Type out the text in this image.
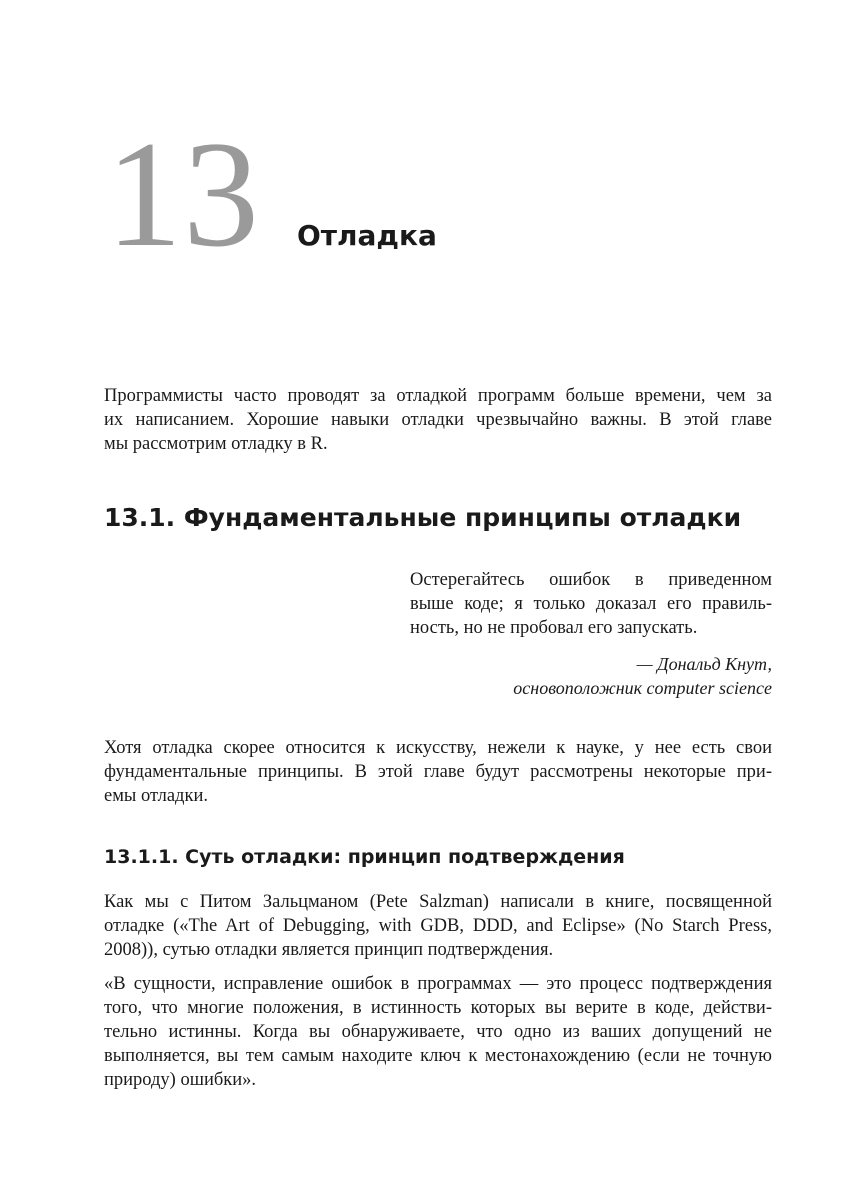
13 Отладка

Программисты часто проводят за отладкой программ больше времени, чем за
их написанием. Хорошие навыки отладки чрезвычайно важны. В этой главе
мы рассмотрим отладку в R.

13.1. Фундаментальные принципы отладки
Остерегайтесь ошибок в приведенном
выше коде; я только доказал его правиль-
ность, но не пробовал его запускать.
— Дональд Кнут,
основоположник computer science

Хотя отладка скорее относится к искусству, нежели к науке, у нее есть свои
фундаментальные принципы. В этой главе будут рассмотрены некоторые при-
емы отладки.

13.1.1. Суть отладки: принцип подтверждения

Как мы с Питом Зальцманом (Pete Salzman) написали в книге, посвященной
отладке («The Art of Debugging, with GDB, DDD, and Eclipse» (No Starch Press,
2008)), сутью отладки является принцип подтверждения.

«В сущности, исправление ошибок в программах — это процесс подтверждения
того, что многие положения, в истинность которых вы верите в коде, действи-
тельно истинны. Когда вы обнаруживаете, что одно из ваших допущений не
выполняется, вы тем самым находите ключ к местонахождению (если не точную
природу) ошибки».
